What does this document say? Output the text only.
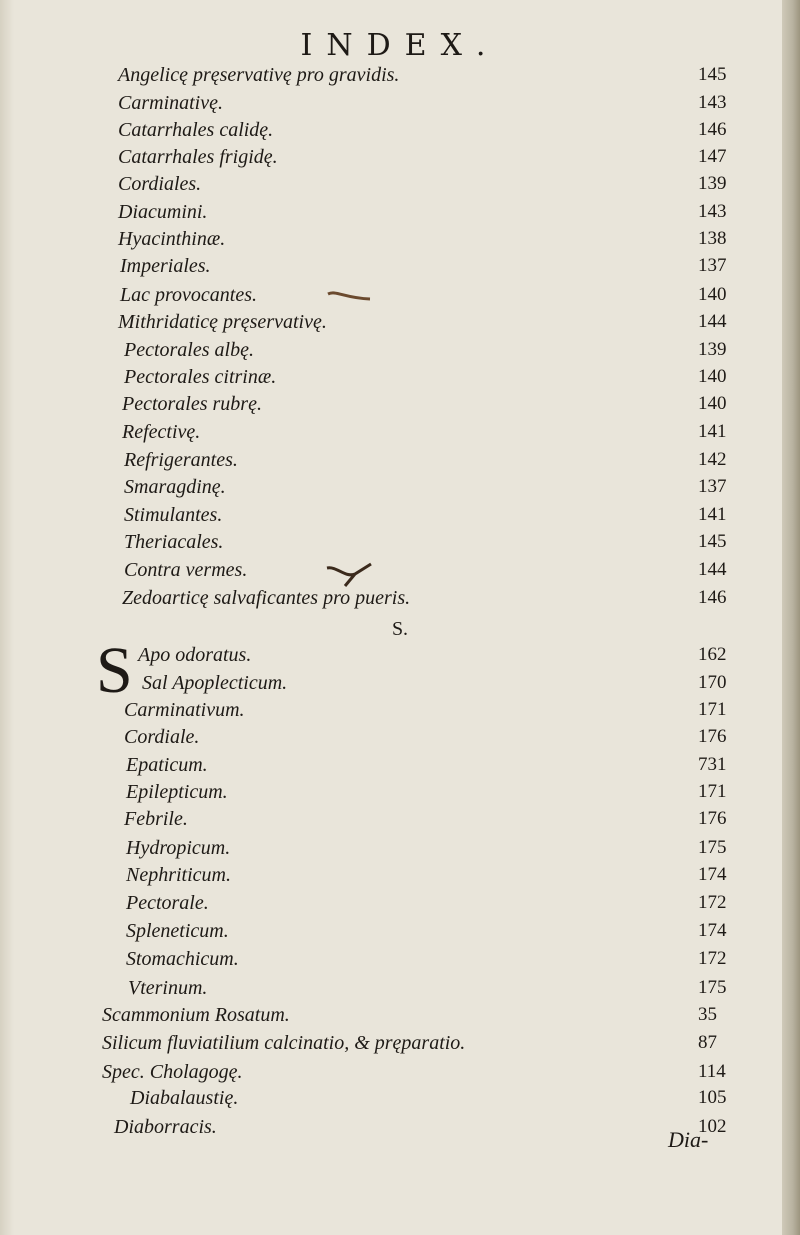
INDEX.
Angelicę pręservativę pro gravidis.	145
Carminativę.	143
Catarrhales calidę.	146
Catarrhales frigidę.	147
Cordiales.	139
Diacumini.	143
Hyacinthinæ.	138
Imperiales.	137
Lac provocantes.	140
Mithridaticę pręservativę.	144
Pectorales albę.	139
Pectorales citrinæ.	140
Pectorales rubrę.	140
Refectivę.	141
Refrigerantes.	142
Smaragdinę.	137
Stimulantes.	141
Theriacales.	145
Contra vermes.	144
Zedoarticę salvaficantes pro pueris.	146
S.
S Apo odoratus.	162
Sal Apoplecticum.	170
Carminativum.	171
Cordiale.	176
Epaticum.	731
Epilepticum.	171
Febrile.	176
Hydropicum.	175
Nephriticum.	174
Pectorale.	172
Spleneticum.	174
Stomachicum.	172
Vterinum.	175
Scammonium Rosatum.	35
Silicum fluviatilium calcinatio, & pręparatio.	87
Spec. Cholagogę.	114
Diabalaustię.	105
Diaborracis.	102
Dia-
